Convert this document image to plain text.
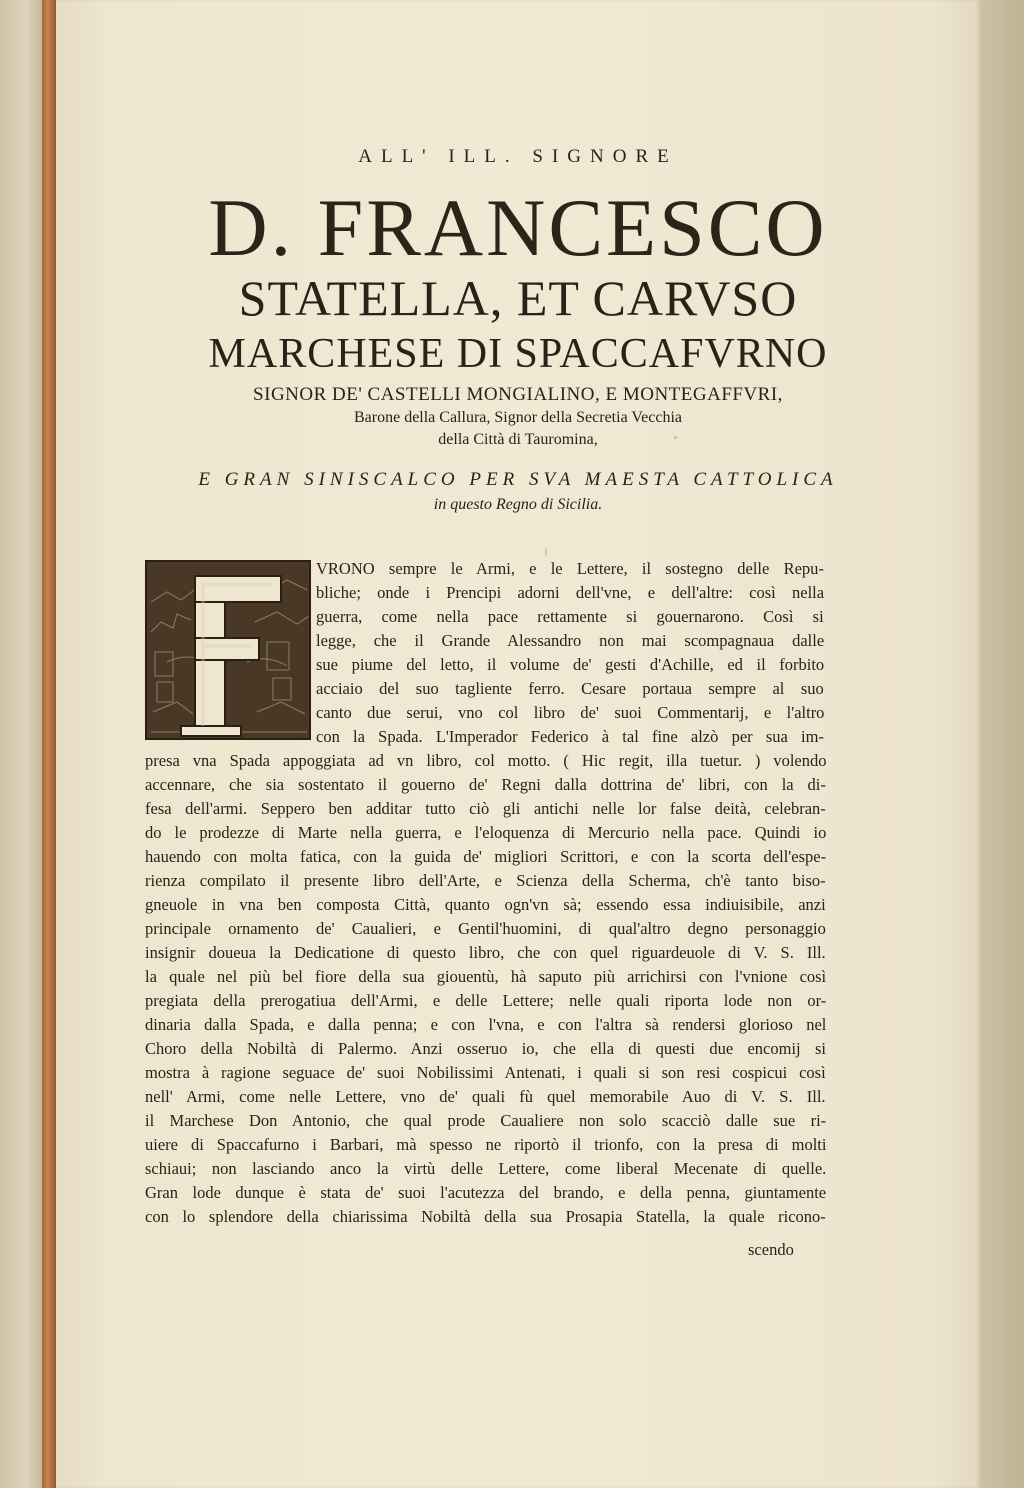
ALL' ILL. SIGNORE
D. FRANCESCO
STATELLA, ET CARVSO
MARCHESE DI SPACCAFVRNO
SIGNOR DE' CASTELLI MONGIALINO, E MONTEGAFFVRI,
Barone della Callura, Signor della Secretia Vecchia
della Città di Tauromina,
E GRAN SINISCALCO PER SVA MAESTA CATTOLICA
in questo Regno di Sicilia.
VRONO sempre le Armi, e le Lettere, il sostegno delle Repu-
bliche; onde i Prencipi adorni dell'vne, e dell'altre: così nella
guerra, come nella pace rettamente si gouernarono. Così si
legge, che il Grande Alessandro non mai scompagnaua dalle
sue piume del letto, il volume de' gesti d'Achille, ed il forbito
acciaio del suo tagliente ferro. Cesare portaua sempre al suo
canto due serui, vno col libro de' suoi Commentarij, e l'altro
con la Spada. L'Imperador Federico à tal fine alzò per sua im-
presa vna Spada appoggiata ad vn libro, col motto. ( Hic regit, illa tuetur. ) volendo
accennare, che sia sostentato il gouerno de' Regni dalla dottrina de' libri, con la di-
fesa dell'armi. Seppero ben additar tutto ciò gli antichi nelle lor false deità, celebran-
do le prodezze di Marte nella guerra, e l'eloquenza di Mercurio nella pace. Quindi io
hauendo con molta fatica, con la guida de' migliori Scrittori, e con la scorta dell'espe-
rienza compilato il presente libro dell'Arte, e Scienza della Scherma, ch'è tanto biso-
gneuole in vna ben composta Città, quanto ogn'vn sà; essendo essa indiuisibile, anzi
principale ornamento de' Caualieri, e Gentil'huomini, di qual'altro degno personaggio
insignir doueua la Dedicatione di questo libro, che con quel riguardeuole di V. S. Ill.
la quale nel più bel fiore della sua giouentù, hà saputo più arrichirsi con l'vnione così
pregiata della prerogatiua dell'Armi, e delle Lettere; nelle quali riporta lode non or-
dinaria dalla Spada, e dalla penna; e con l'vna, e con l'altra sà rendersi glorioso nel
Choro della Nobiltà di Palermo. Anzi osseruo io, che ella di questi due encomij si
mostra à ragione seguace de' suoi Nobilissimi Antenati, i quali si son resi cospicui così
nell' Armi, come nelle Lettere, vno de' quali fù quel memorabile Auo di V. S. Ill.
il Marchese Don Antonio, che qual prode Caualiere non solo scacciò dalle sue ri-
uiere di Spaccafurno i Barbari, mà spesso ne riportò il trionfo, con la presa di molti
schiaui; non lasciando anco la virtù delle Lettere, come liberal Mecenate di quelle.
Gran lode dunque è stata de' suoi l'acutezza del brando, e della penna, giuntamente
con lo splendore della chiarissima Nobiltà della sua Prosapia Statella, la quale ricono-
scendo
